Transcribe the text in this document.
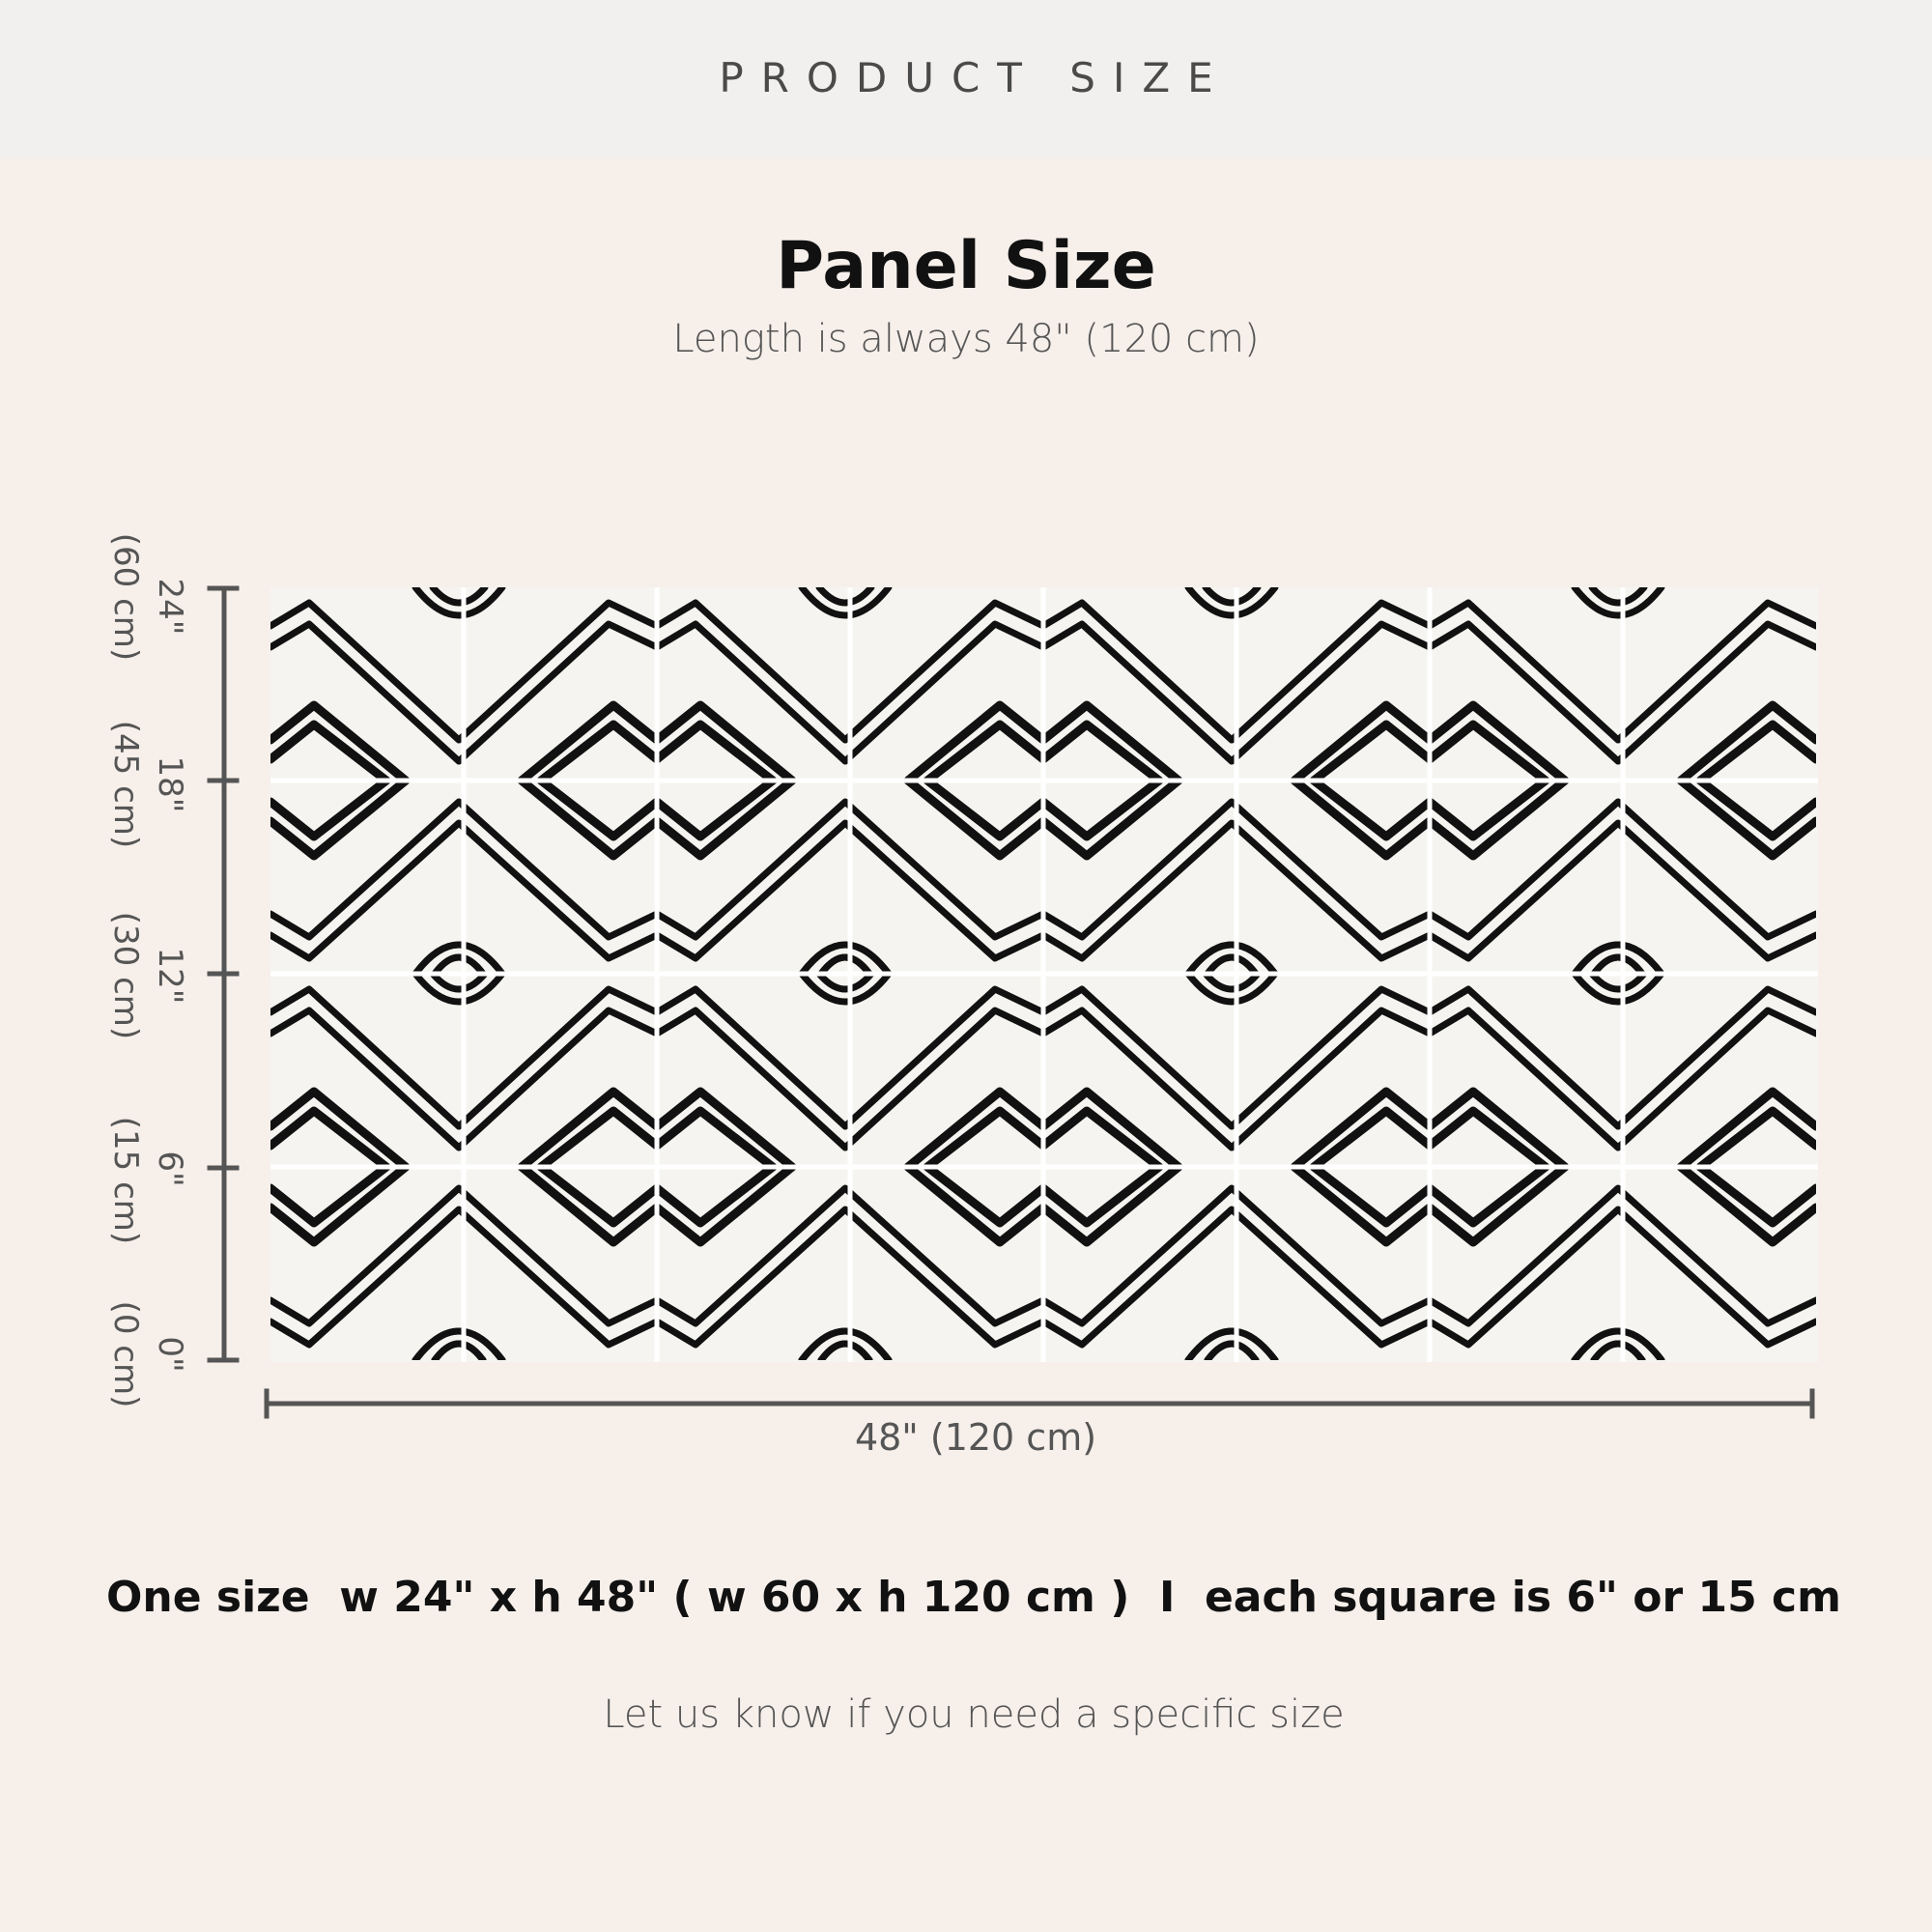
PRODUCT SIZE
Panel Size
Length is always 48" (120 cm)
24"
(60 cm)
18"
(45 cm)
12"
(30 cm)
6"
(15 cm)
0"
(0 cm)
48" (120 cm)
One size  w 24" x h 48" ( w 60 x h 120 cm )  I  each square is 6" or 15 cm
Let us know if you need a specific size
